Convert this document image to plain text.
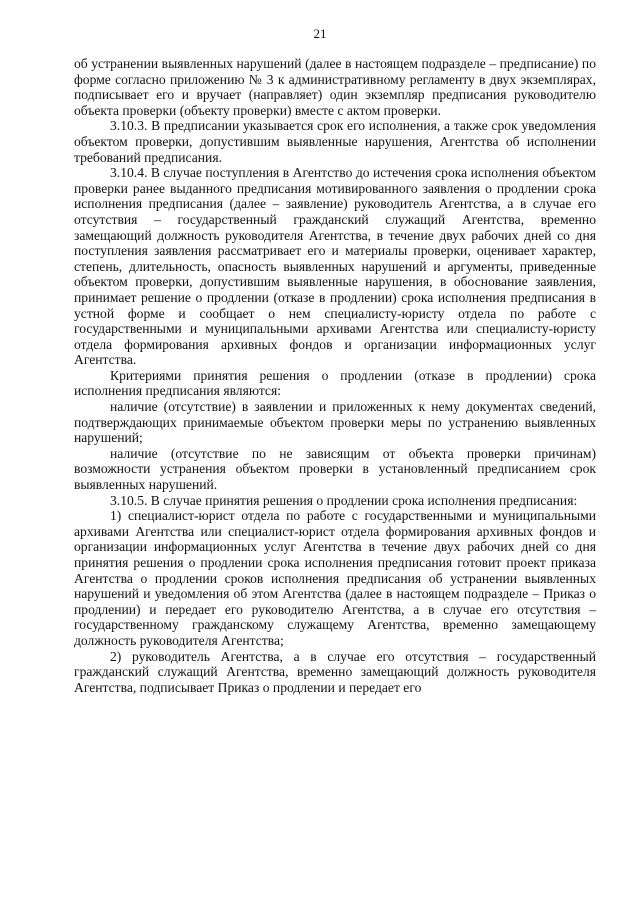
21

об устранении выявленных нарушений (далее в настоящем подразделе – предписание) по форме согласно приложению № 3 к административному регламенту в двух экземплярах, подписывает его и вручает (направляет) один экземпляр предписания руководителю объекта проверки (объекту проверки) вместе с актом проверки.

3.10.3. В предписании указывается срок его исполнения, а также срок уведомления объектом проверки, допустившим выявленные нарушения, Агентства об исполнении требований предписания.

3.10.4. В случае поступления в Агентство до истечения срока исполнения объектом проверки ранее выданного предписания мотивированного заявления о продлении срока исполнения предписания (далее – заявление) руководитель Агентства, а в случае его отсутствия – государственный гражданский служащий Агентства, временно замещающий должность руководителя Агентства, в течение двух рабочих дней со дня поступления заявления рассматривает его и материалы проверки, оценивает характер, степень, длительность, опасность выявленных нарушений и аргументы, приведенные объектом проверки, допустившим выявленные нарушения, в обоснование заявления, принимает решение о продлении (отказе в продлении) срока исполнения предписания в устной форме и сообщает о нем специалисту-юристу отдела по работе с государственными и муниципальными архивами Агентства или специалисту-юристу отдела формирования архивных фондов и организации информационных услуг Агентства.

Критериями принятия решения о продлении (отказе в продлении) срока исполнения предписания являются:

наличие (отсутствие) в заявлении и приложенных к нему документах сведений, подтверждающих принимаемые объектом проверки меры по устранению выявленных нарушений;

наличие (отсутствие по не зависящим от объекта проверки причинам) возможности устранения объектом проверки в установленный предписанием срок выявленных нарушений.

3.10.5. В случае принятия решения о продлении срока исполнения предписания:

1) специалист-юрист отдела по работе с государственными и муниципальными архивами Агентства или специалист-юрист отдела формирования архивных фондов и организации информационных услуг Агентства в течение двух рабочих дней со дня принятия решения о продлении срока исполнения предписания готовит проект приказа Агентства о продлении сроков исполнения предписания об устранении выявленных нарушений и уведомления об этом Агентства (далее в настоящем подразделе – Приказ о продлении) и передает его руководителю Агентства, а в случае его отсутствия – государственному гражданскому служащему Агентства, временно замещающему должность руководителя Агентства;

2) руководитель Агентства, а в случае его отсутствия – государственный гражданский служащий Агентства, временно замещающий должность руководителя Агентства, подписывает Приказ о продлении и передает его
